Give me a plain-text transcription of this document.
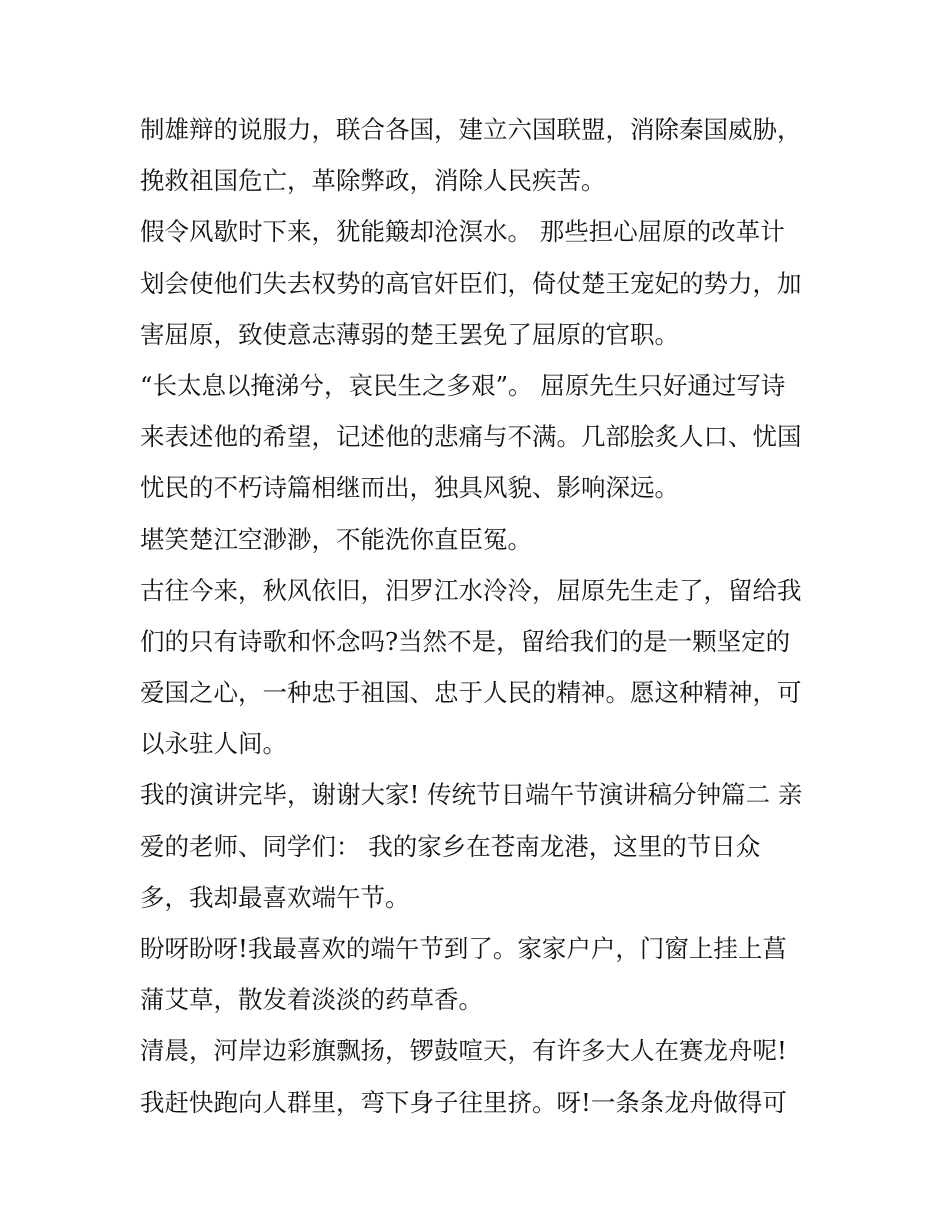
制雄辩的说服力，联合各国，建立六国联盟，消除秦国威胁，
挽救祖国危亡，革除弊政，消除人民疾苦。
假令风歇时下来，犹能簸却沧溟水。 那些担心屈原的改革计
划会使他们失去权势的高官奸臣们，倚仗楚王宠妃的势力，加
害屈原，致使意志薄弱的楚王罢免了屈原的官职。
“长太息以掩涕兮，哀民生之多艰”。 屈原先生只好通过写诗
来表述他的希望，记述他的悲痛与不满。几部脍炙人口、忧国
忧民的不朽诗篇相继而出，独具风貌、影响深远。
堪笑楚江空渺渺，不能洗你直臣冤。
古往今来，秋风依旧，汨罗江水泠泠，屈原先生走了，留给我
们的只有诗歌和怀念吗?当然不是，留给我们的是一颗坚定的
爱国之心，一种忠于祖国、忠于人民的精神。愿这种精神，可
以永驻人间。
我的演讲完毕，谢谢大家! 传统节日端午节演讲稿分钟篇二 亲
爱的老师、同学们： 我的家乡在苍南龙港，这里的节日众
多，我却最喜欢端午节。
盼呀盼呀!我最喜欢的端午节到了。家家户户，门窗上挂上菖
蒲艾草，散发着淡淡的药草香。
清晨，河岸边彩旗飘扬，锣鼓喧天，有许多大人在赛龙舟呢!
我赶快跑向人群里，弯下身子往里挤。呀!一条条龙舟做得可
